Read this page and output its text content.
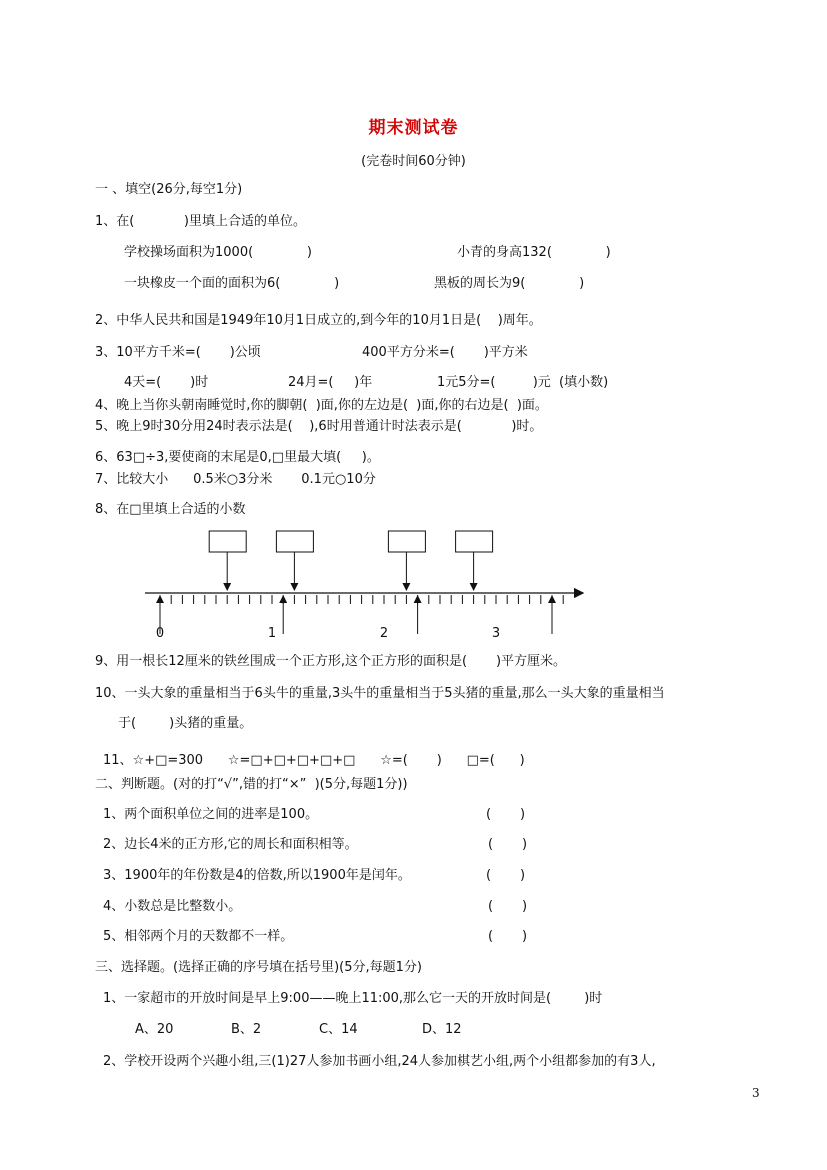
期末测试卷
(完卷时间60分钟)
一 、填空(26分,每空1分)
1、在(            )里填上合适的单位。
学校操场面积为1000(             )	小青的身高132(             )
一块橡皮一个面的面积为6(             )	黑板的周长为9(             )
2、中华人民共和国是1949年10月1日成立的,到今年的10月1日是(    )周年。
3、10平方千米=(       )公顷	400平方分米=(       )平方米
4天=(       )时	24月=(     )年	1元5分=(         )元  (填小数)
4、晚上当你头朝南睡觉时,你的脚朝(  )面,你的左边是(  )面,你的右边是(  )面。
5、晚上9时30分用24时表示法是(    ),6时用普通计时法表示是(            )时。
6、63□÷3,要使商的末尾是0,□里最大填(     )。
7、比较大小      0.5米○3分米       0.1元○10分
8、在□里填上合适的小数
0	1	2	3
9、用一根长12厘米的铁丝围成一个正方形,这个正方形的面积是(       )平方厘米。
10、一头大象的重量相当于6头牛的重量,3头牛的重量相当于5头猪的重量,那么一头大象的重量相当
于(        )头猪的重量。
11、☆+□=300      ☆=□+□+□+□+□      ☆=(       )      □=(      )
二、判断题。(对的打“√”,错的打“×”  )(5分,每题1分))
1、两个面积单位之间的进率是100。	(       )
2、边长4米的正方形,它的周长和面积相等。	(       )
3、1900年的年份数是4的倍数,所以1900年是闰年。	(       )
4、小数总是比整数小。	(       )
5、相邻两个月的天数都不一样。	(       )
三、选择题。(选择正确的序号填在括号里)(5分,每题1分)
1、一家超市的开放时间是早上9:00——晚上11:00,那么它一天的开放时间是(        )时
A、20	B、2	C、14	D、12
2、学校开设两个兴趣小组,三(1)27人参加书画小组,24人参加棋艺小组,两个小组都参加的有3人,
3
